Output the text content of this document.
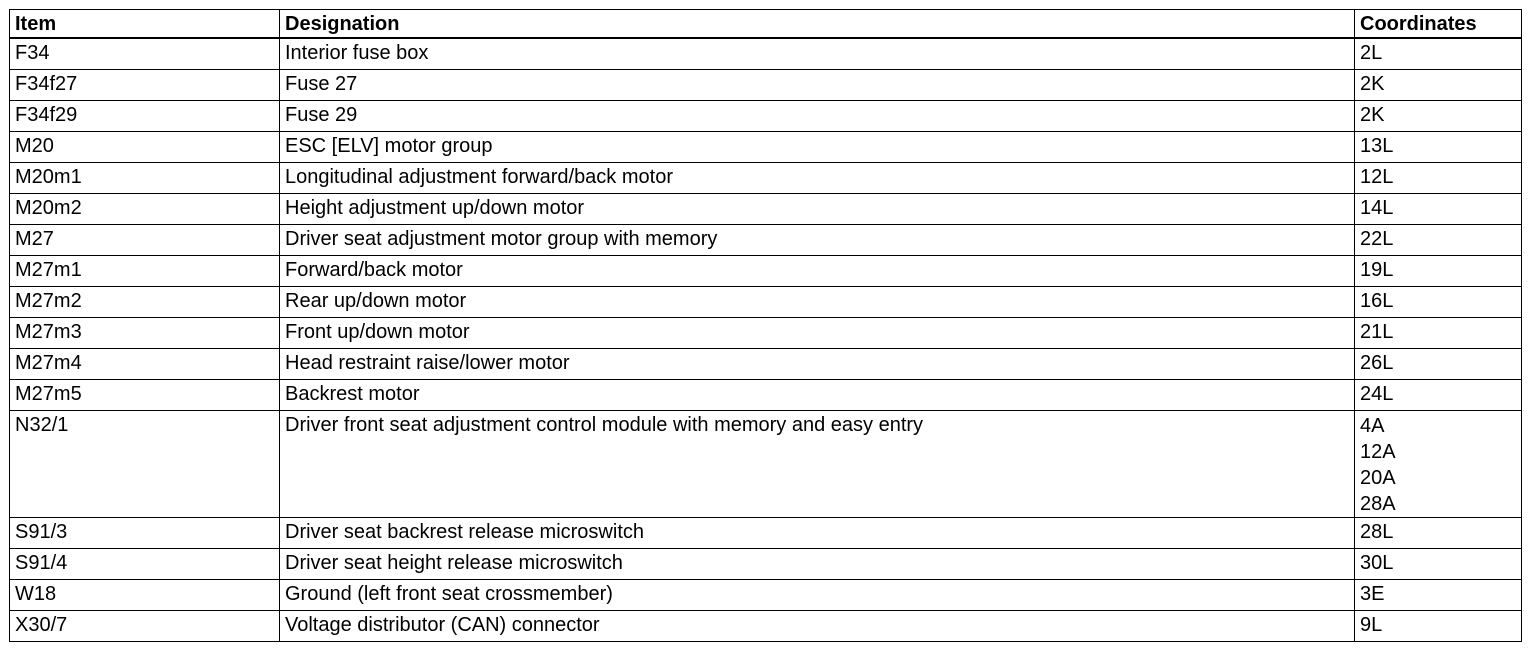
Item	Designation	Coordinates
F34	Interior fuse box	2L
F34f27	Fuse 27	2K
F34f29	Fuse 29	2K
M20	ESC [ELV] motor group	13L
M20m1	Longitudinal adjustment forward/back motor	12L
M20m2	Height adjustment up/down motor	14L
M27	Driver seat adjustment motor group with memory	22L
M27m1	Forward/back motor	19L
M27m2	Rear up/down motor	16L
M27m3	Front up/down motor	21L
M27m4	Head restraint raise/lower motor	26L
M27m5	Backrest motor	24L
N32/1	Driver front seat adjustment control module with memory and easy entry	4A
12A
20A
28A
S91/3	Driver seat backrest release microswitch	28L
S91/4	Driver seat height release microswitch	30L
W18	Ground (left front seat crossmember)	3E
X30/7	Voltage distributor (CAN) connector	9L
